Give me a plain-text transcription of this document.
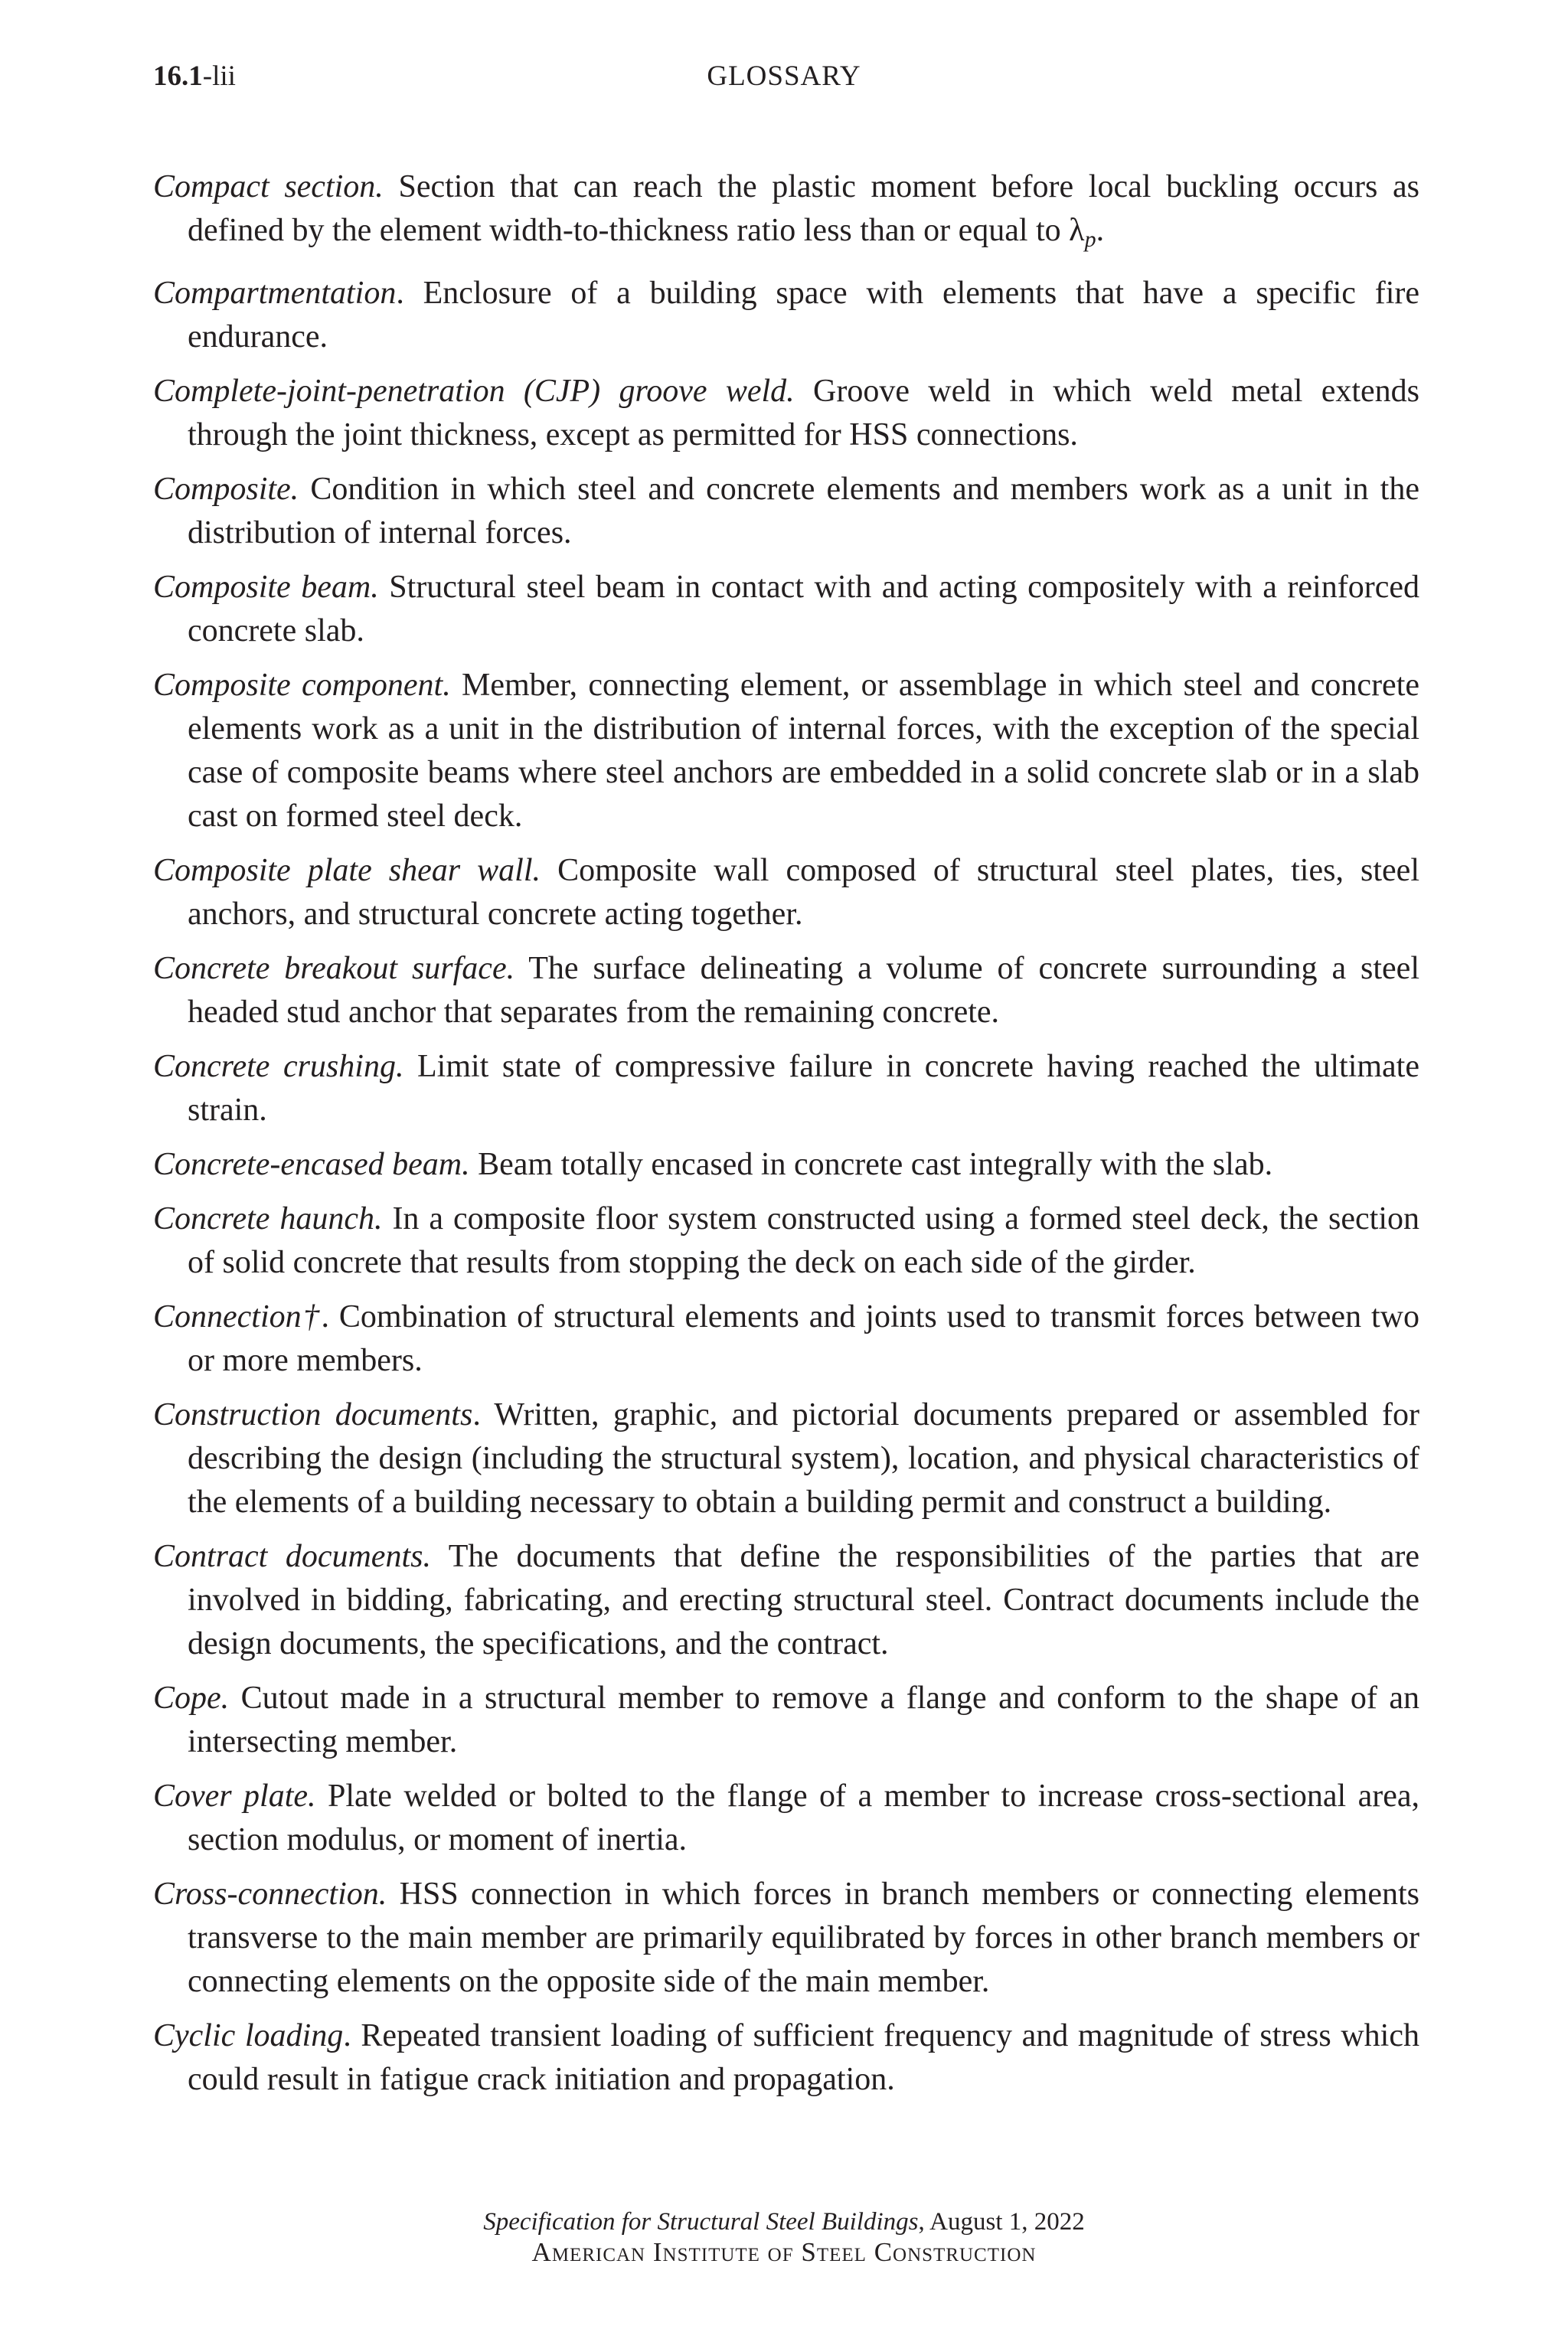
16.1-lii	GLOSSARY

Compact section. Section that can reach the plastic moment before local buckling occurs as defined by the element width-to-thickness ratio less than or equal to λp.

Compartmentation. Enclosure of a building space with elements that have a specific fire endurance.

Complete-joint-penetration (CJP) groove weld. Groove weld in which weld metal extends through the joint thickness, except as permitted for HSS connections.

Composite. Condition in which steel and concrete elements and members work as a unit in the distribution of internal forces.

Composite beam. Structural steel beam in contact with and acting compositely with a reinforced concrete slab.

Composite component. Member, connecting element, or assemblage in which steel and concrete elements work as a unit in the distribution of internal forces, with the exception of the special case of composite beams where steel anchors are embedded in a solid concrete slab or in a slab cast on formed steel deck.

Composite plate shear wall. Composite wall composed of structural steel plates, ties, steel anchors, and structural concrete acting together.

Concrete breakout surface. The surface delineating a volume of concrete surrounding a steel headed stud anchor that separates from the remaining concrete.

Concrete crushing. Limit state of compressive failure in concrete having reached the ultimate strain.

Concrete-encased beam. Beam totally encased in concrete cast integrally with the slab.

Concrete haunch. In a composite floor system constructed using a formed steel deck, the section of solid concrete that results from stopping the deck on each side of the girder.

Connection†. Combination of structural elements and joints used to transmit forces between two or more members.

Construction documents. Written, graphic, and pictorial documents prepared or assembled for describing the design (including the structural system), location, and physical characteristics of the elements of a building necessary to obtain a building permit and construct a building.

Contract documents. The documents that define the responsibilities of the parties that are involved in bidding, fabricating, and erecting structural steel. Contract documents include the design documents, the specifications, and the contract.

Cope. Cutout made in a structural member to remove a flange and conform to the shape of an intersecting member.

Cover plate. Plate welded or bolted to the flange of a member to increase cross-sectional area, section modulus, or moment of inertia.

Cross-connection. HSS connection in which forces in branch members or connecting elements transverse to the main member are primarily equilibrated by forces in other branch members or connecting elements on the opposite side of the main member.

Cyclic loading. Repeated transient loading of sufficient frequency and magnitude of stress which could result in fatigue crack initiation and propagation.

Specification for Structural Steel Buildings, August 1, 2022
American Institute of Steel Construction
